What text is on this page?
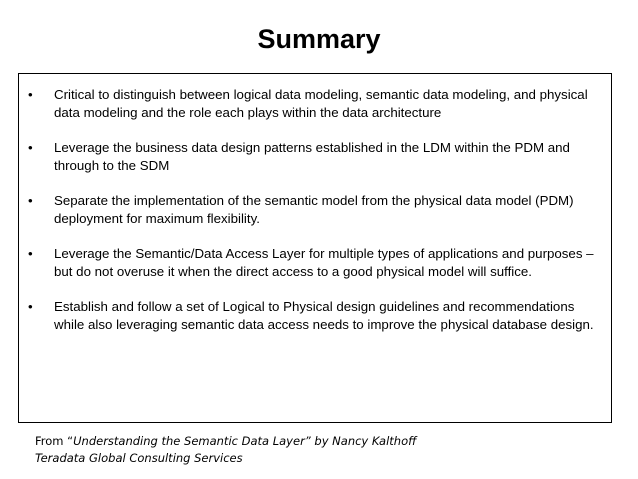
Summary
• Critical to distinguish between logical data modeling, semantic data modeling, and physical data modeling and the role each plays within the data architecture
• Leverage the business data design patterns established in the LDM within the PDM and through to the SDM
• Separate the implementation of the semantic model from the physical data model (PDM) deployment for maximum flexibility.
• Leverage the Semantic/Data Access Layer for multiple types of applications and purposes – but do not overuse it when the direct access to a good physical model will suffice.
• Establish and follow a set of Logical to Physical design guidelines and recommendations while also leveraging semantic data access needs to improve the physical database design.
From “Understanding the Semantic Data Layer” by Nancy Kalthoff
Teradata Global Consulting Services
